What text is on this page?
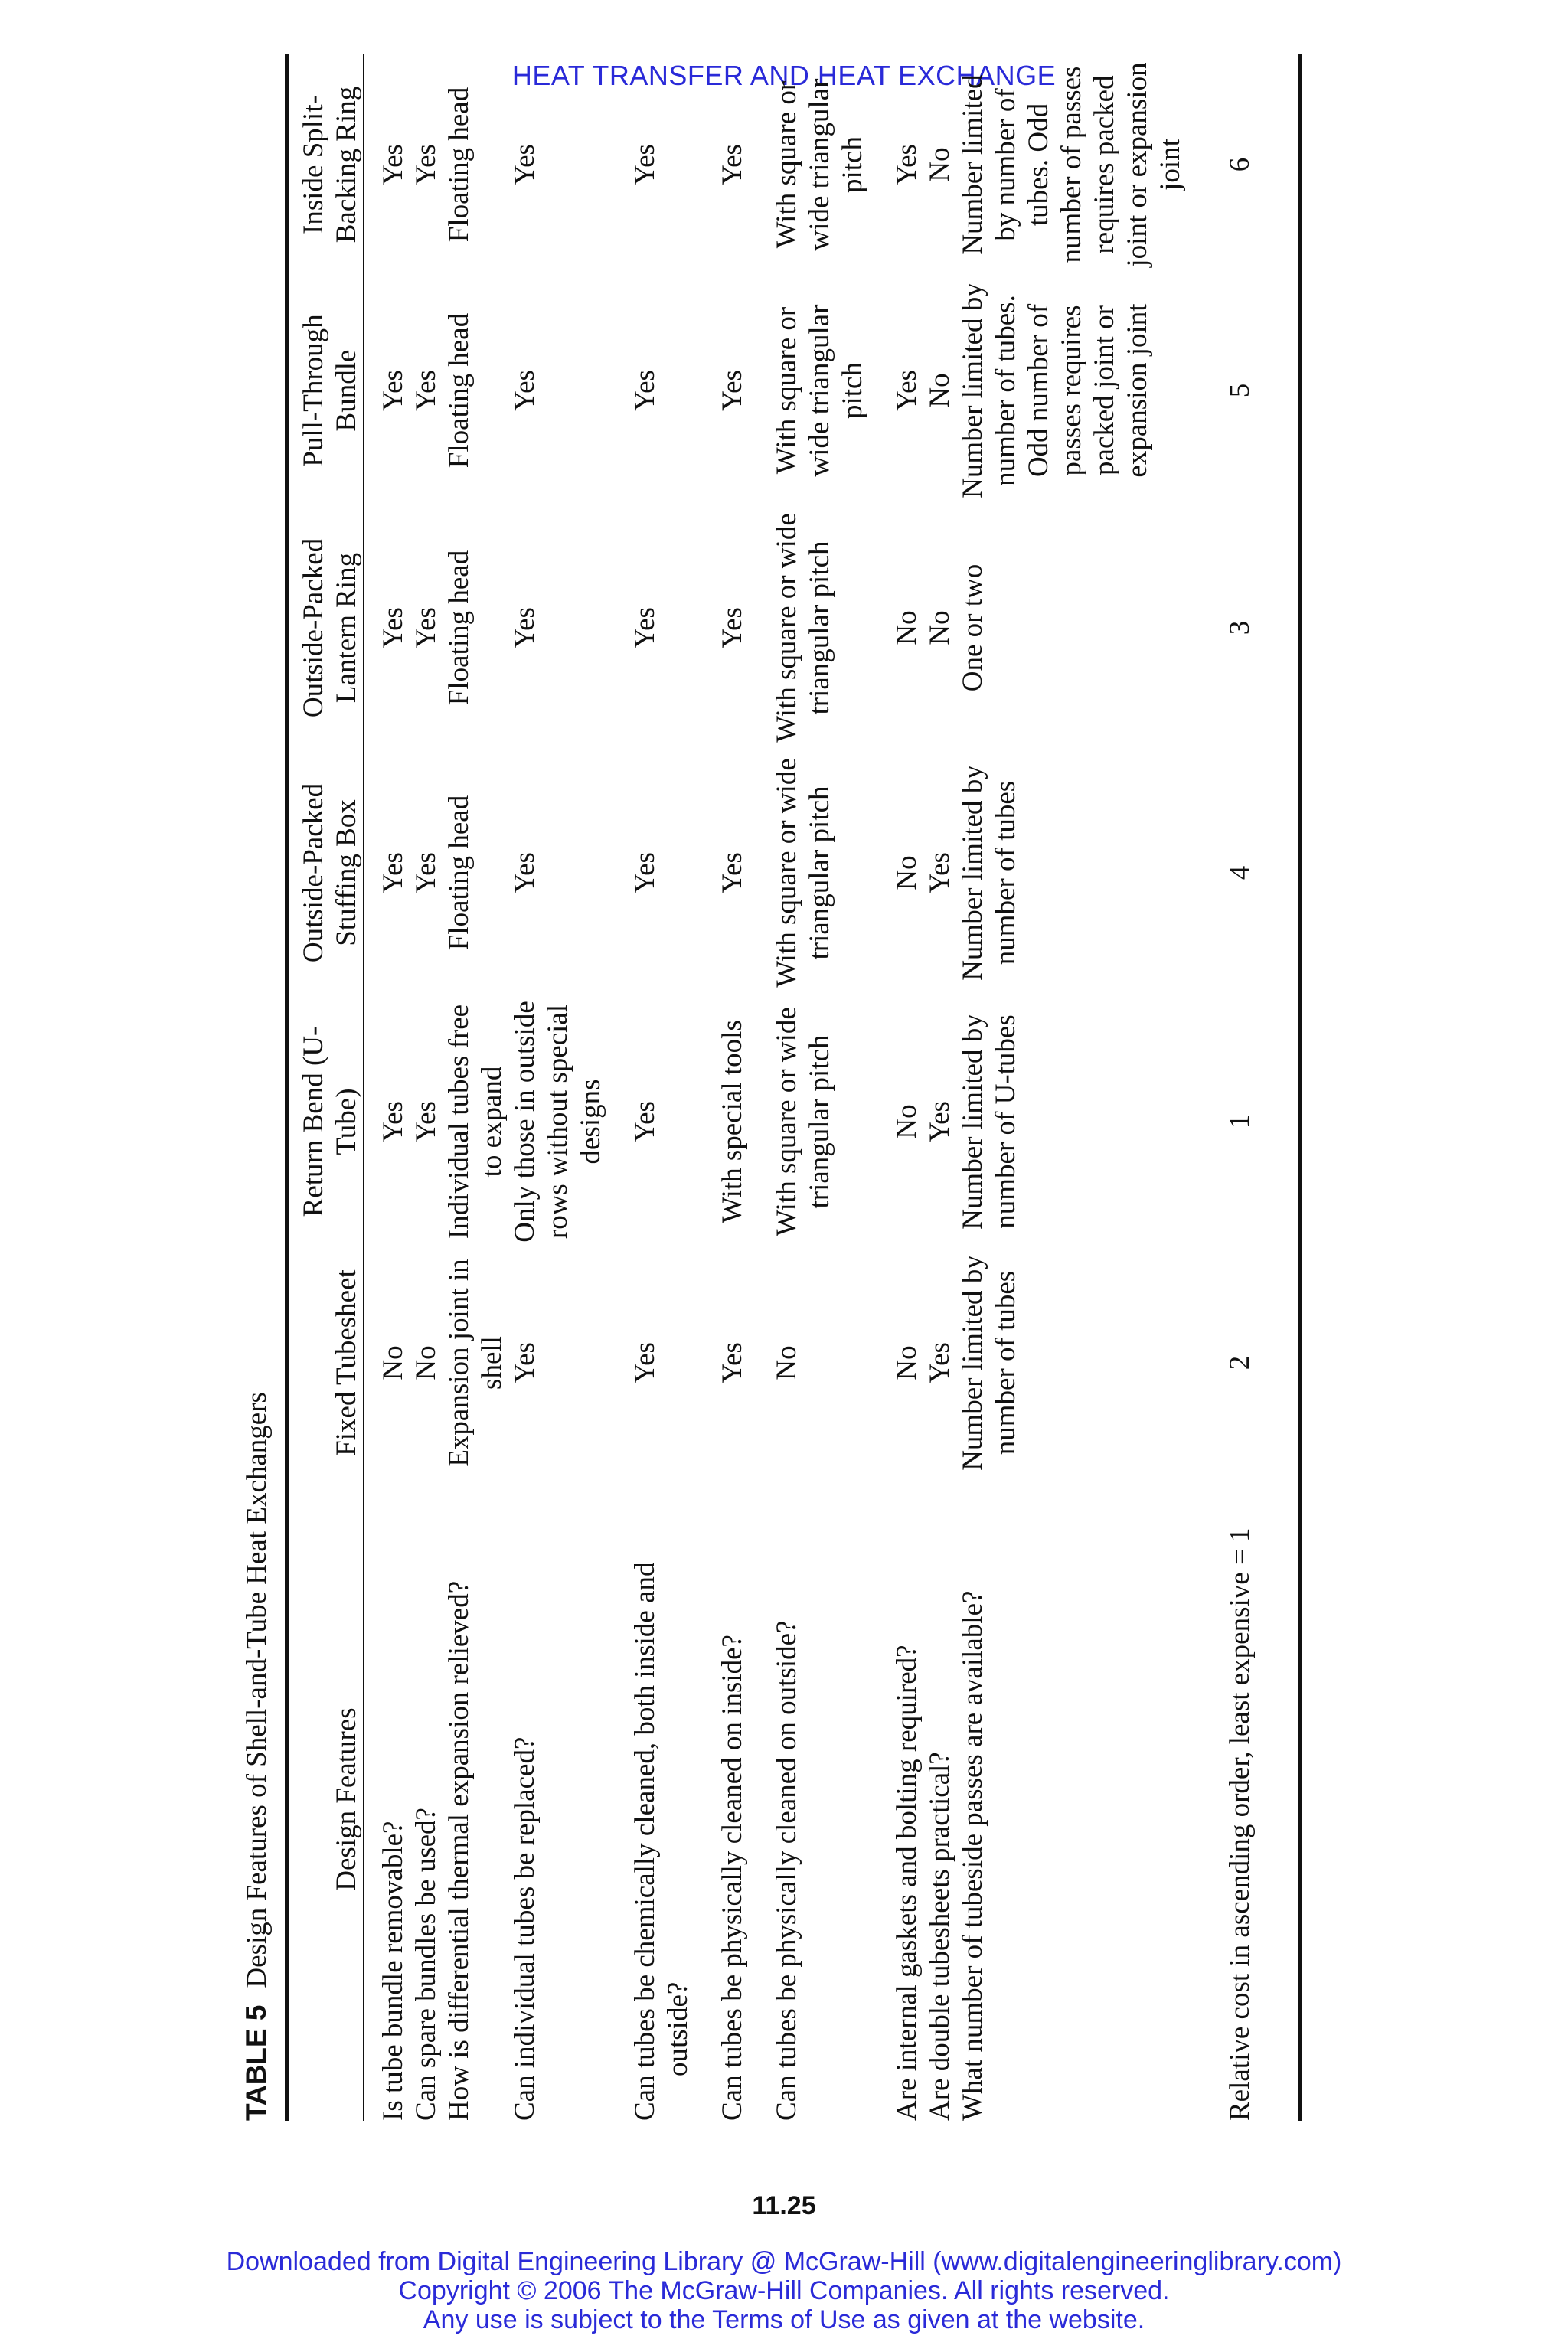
HEAT TRANSFER AND HEAT EXCHANGE
TABLE 5Design Features of Shell-and-Tube Heat Exchangers Design Features	Fixed Tubesheet	Return Bend (U-Tube)	Outside-Packed Stuffing Box	Outside-Packed Lantern Ring	Pull-Through Bundle	Inside Split-Backing Ring

Is tube bundle removable?	No	Yes	Yes	Yes	Yes	Yes

Can spare bundles be used?	No	Yes	Yes	Yes	Yes	Yes

How is differential thermal expansion relieved?	Expansion joint in shell	Individual tubes free to expand	Floating head	Floating head	Floating head	Floating head

Can individual tubes be replaced?	Yes	Only those in outside rows without special designs	Yes	Yes	Yes	Yes

Can tubes be chemically cleaned, both inside and outside?	Yes	Yes	Yes	Yes	Yes	Yes

Can tubes be physically cleaned on inside?	Yes	With special tools	Yes	Yes	Yes	Yes

Can tubes be physically cleaned on outside?	No	With square or wide triangular pitch	With square or wide triangular pitch	With square or wide triangular pitch	With square or wide triangular pitch	With square or wide triangular pitch

Are internal gaskets and bolting required?	No	No	No	No	Yes	Yes

Are double tubesheets practical?	Yes	Yes	Yes	No	No	No

What number of tubeside passes are available?	Number limited by number of tubes	Number limited by number of U-tubes	Number limited by number of tubes	One or two	Number limited by number of tubes. Odd number of passes requires packed joint or expansion joint	Number limited by number of tubes. Odd number of passes requires packed joint or expansion joint

Relative cost in ascending order, least expensive = 1	2	1	4	3	5	6
11.25
Downloaded from Digital Engineering Library @ McGraw-Hill (www.digitalengineeringlibrary.com)
Copyright © 2006 The McGraw-Hill Companies. All rights reserved.
Any use is subject to the Terms of Use as given at the website.
